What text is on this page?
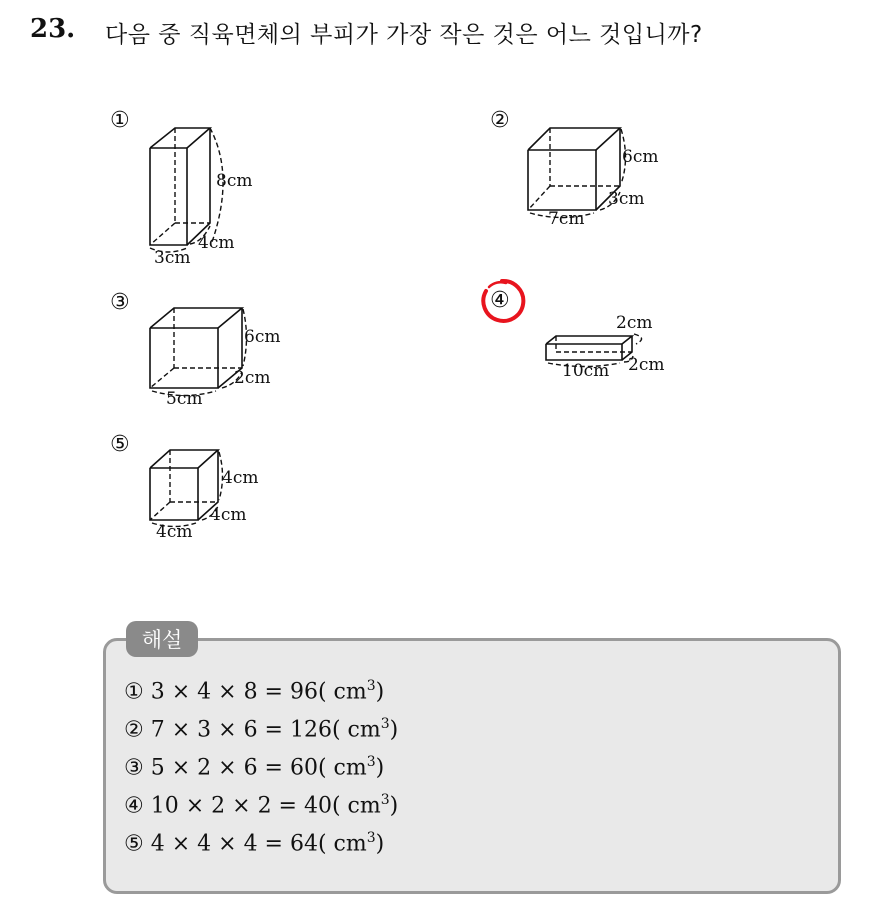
23. 다음 중 직육면체의 부피가 가장 작은 것은 어느 것입니까?
①
8cm
4cm
3cm
②
6cm
3cm
7cm
③
6cm
2cm
5cm
④
2cm
2cm
10cm
⑤
4cm
4cm
4cm
해설
① 3 × 4 × 8 = 96( $cm^3$)
② 7 × 3 × 6 = 126( $cm^3$)
③ 5 × 2 × 6 = 60( $cm^3$)
④ 10 × 2 × 2 = 40( $cm^3$)
⑤ 4 × 4 × 4 = 64( $cm^3$)
